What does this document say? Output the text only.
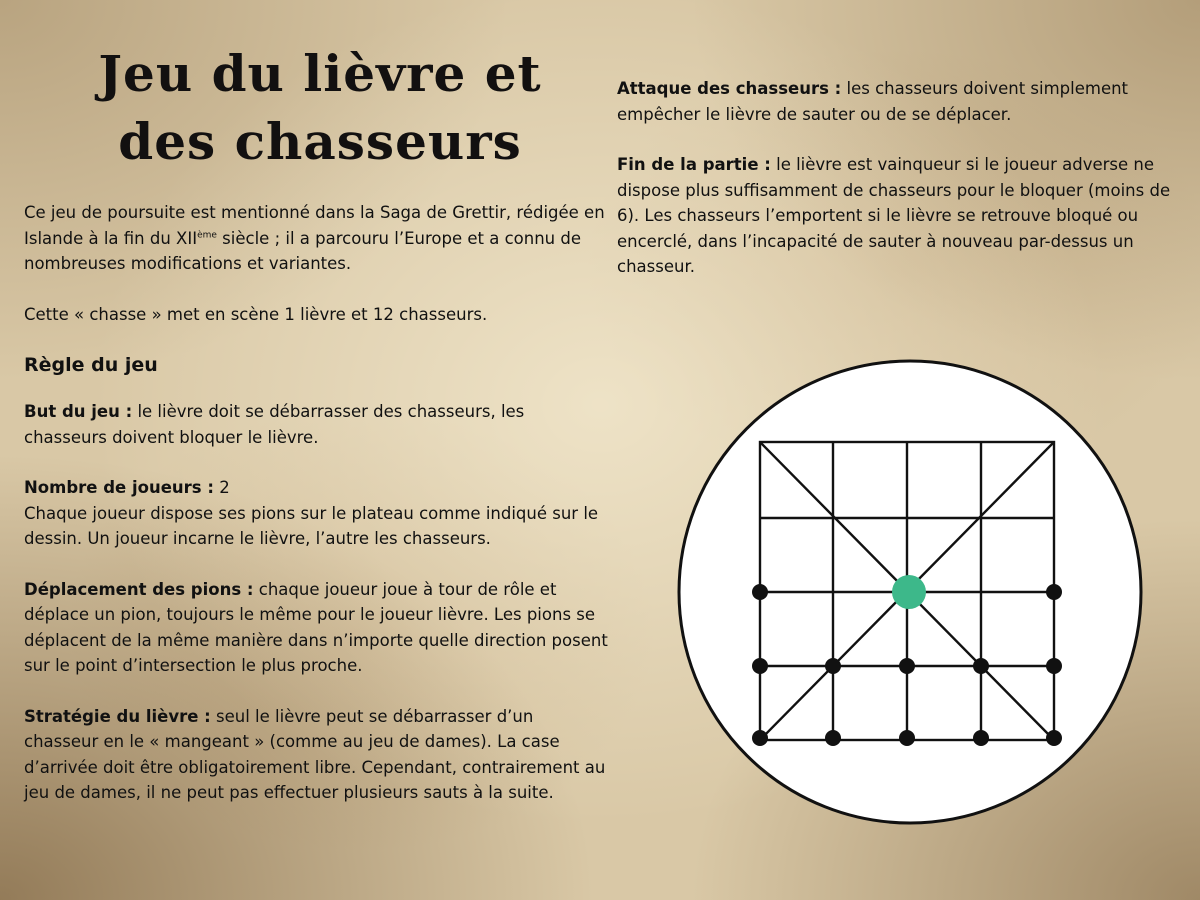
Jeu du lièvre et des chasseurs

Ce jeu de poursuite est mentionné dans la Saga de Grettir, rédigée en Islande à la fin du XIIème siècle ; il a parcouru l’Europe et a connu de nombreuses modifications et variantes.

Cette « chasse » met en scène 1 lièvre et 12 chasseurs.

Règle du jeu

But du jeu : le lièvre doit se débarrasser des chasseurs, les chasseurs doivent bloquer le lièvre.

Nombre de joueurs : 2
Chaque joueur dispose ses pions sur le plateau comme indiqué sur le dessin. Un joueur incarne le lièvre, l’autre les chasseurs.

Déplacement des pions : chaque joueur joue à tour de rôle et déplace un pion, toujours le même pour le joueur lièvre. Les pions se déplacent de la même manière dans n’importe quelle direction posent sur le point d’intersection le plus proche.

Stratégie du lièvre : seul le lièvre peut se débarrasser d’un chasseur en le « mangeant » (comme au jeu de dames). La case d’arrivée doit être obligatoirement libre. Cependant, contrairement au jeu de dames, il ne peut pas effectuer plusieurs sauts à la suite.

Attaque des chasseurs : les chasseurs doivent simplement empêcher le lièvre de sauter ou de se déplacer.

Fin de la partie : le lièvre est vainqueur si le joueur adverse ne dispose plus suffisamment de chasseurs pour le bloquer (moins de 6). Les chasseurs l’emportent si le lièvre se retrouve bloqué ou encerclé, dans l’incapacité de sauter à nouveau par-dessus un chasseur.
